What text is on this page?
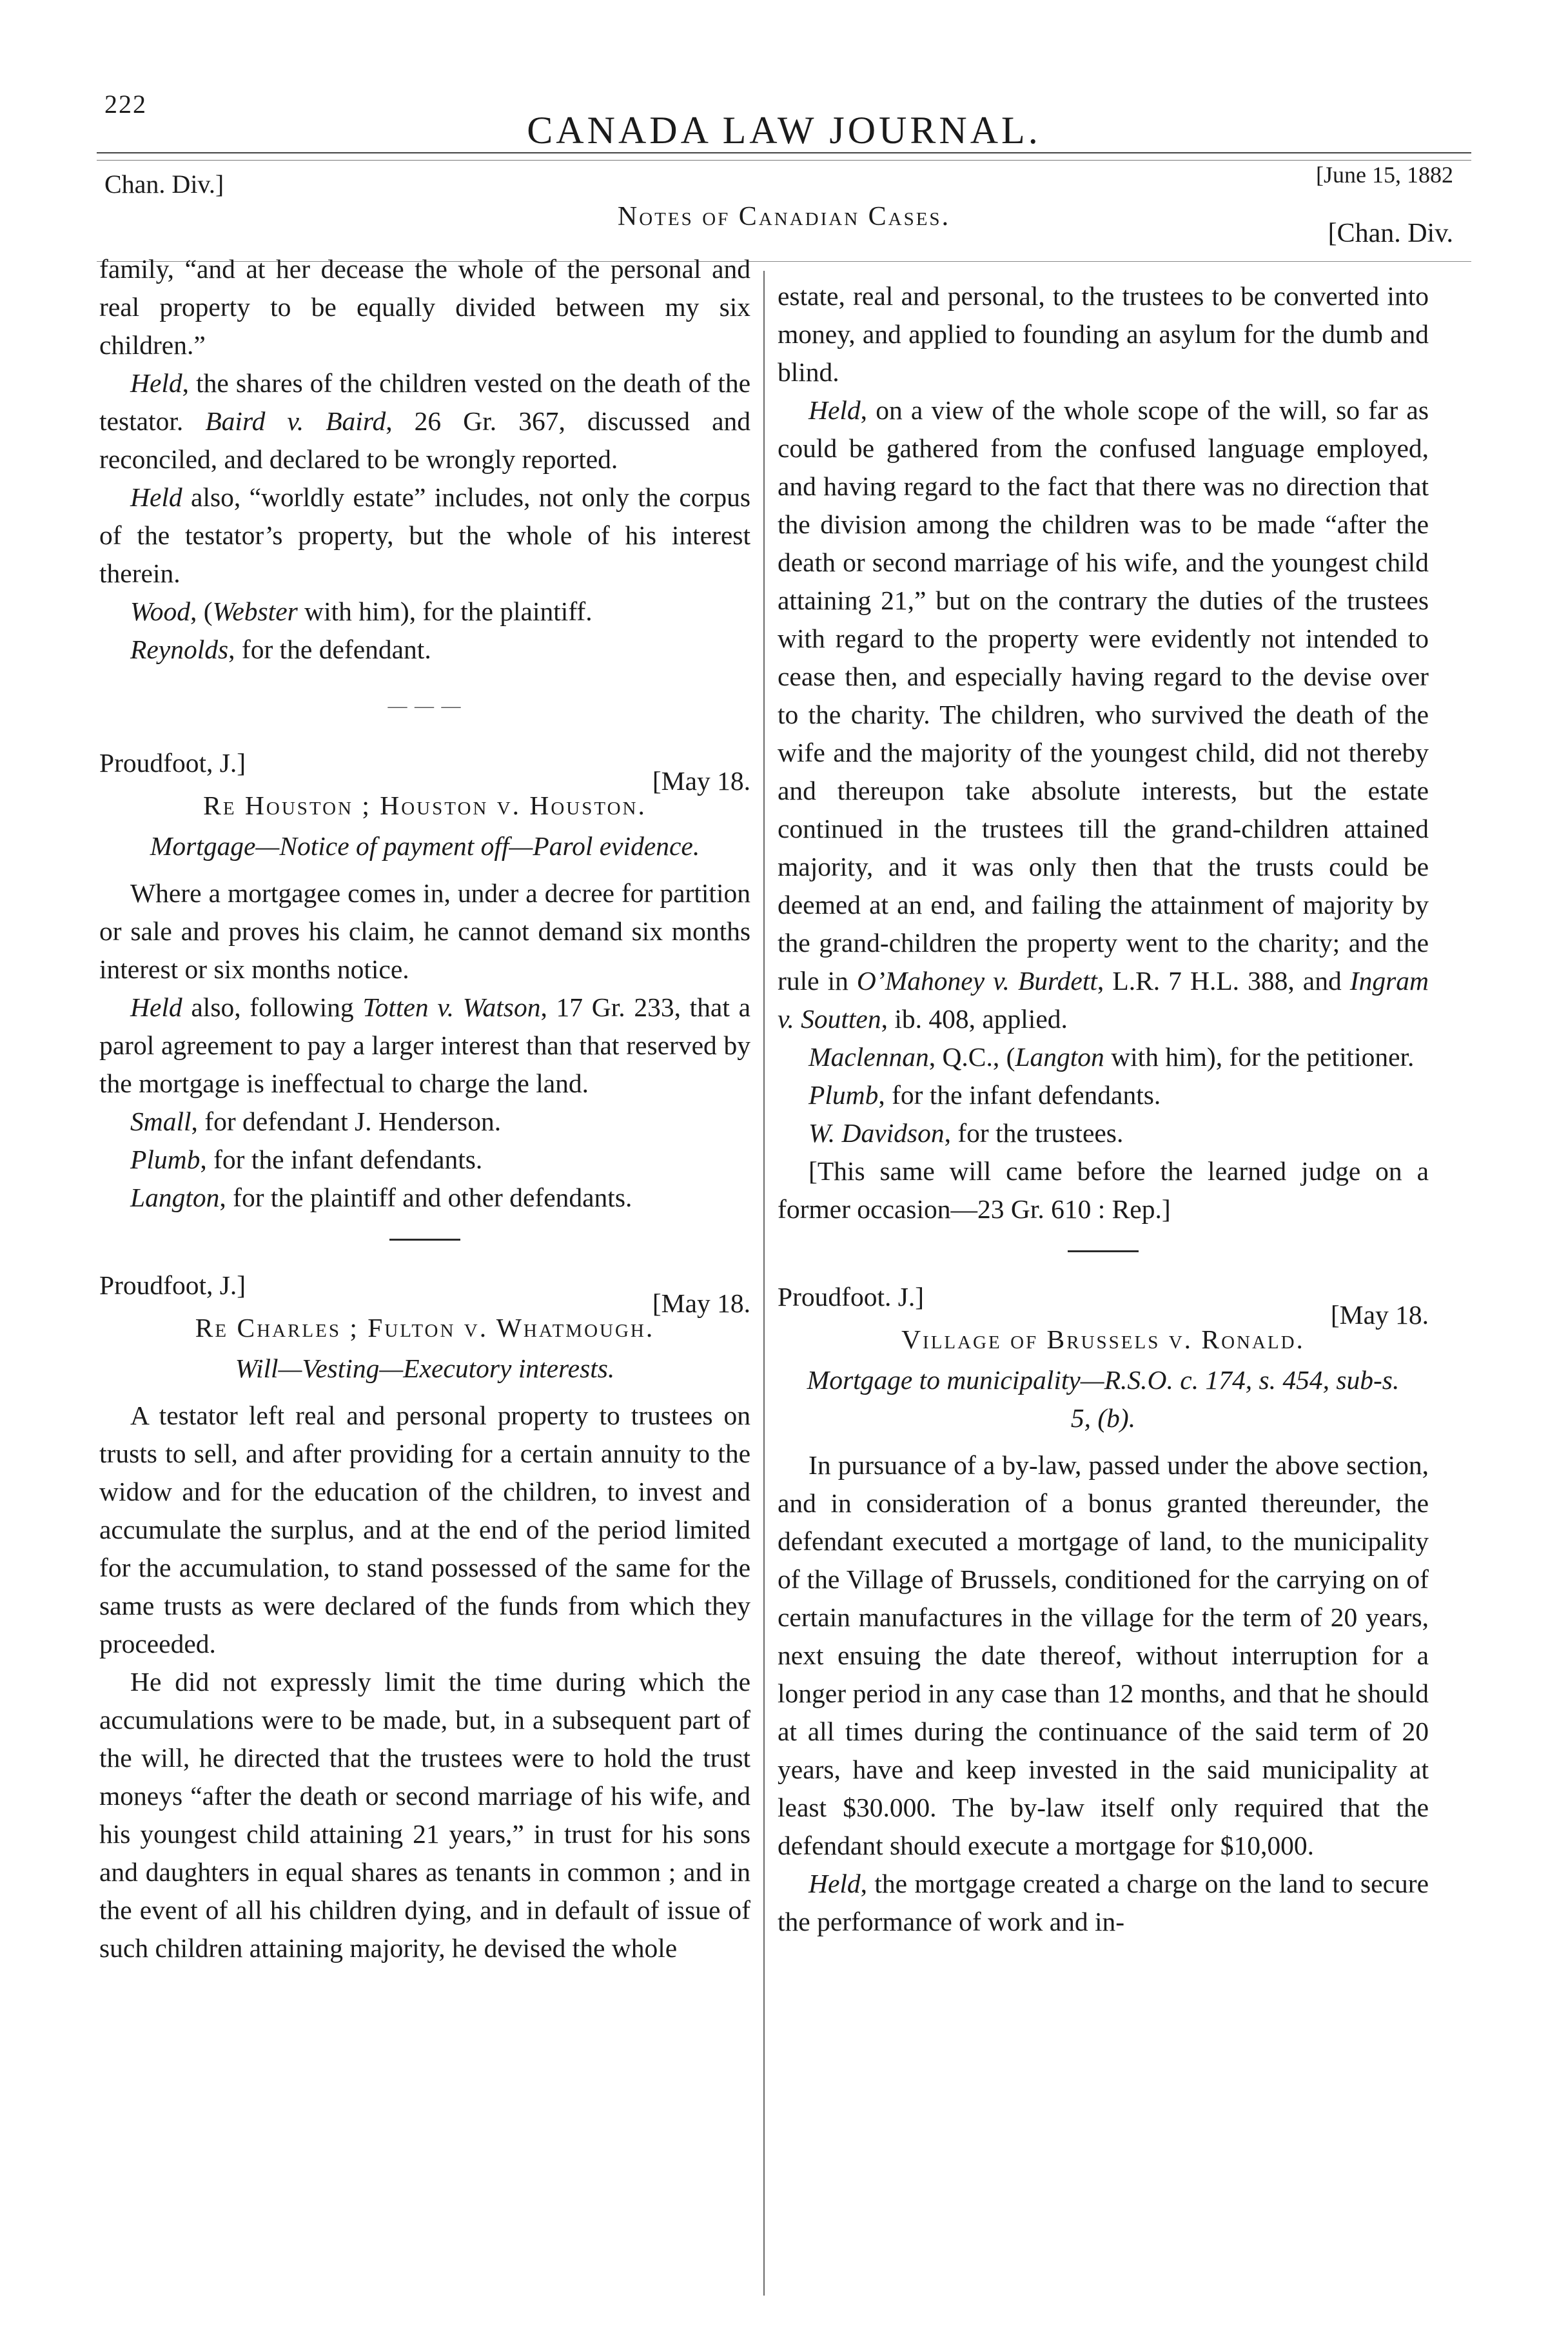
222
CANADA LAW JOURNAL.
Chan. Div.]	[June 15, 1882
Notes of Canadian Cases.
[Chan. Div.

family, “and at her decease the whole of the personal and real property to be equally divided between my six children.”

Held, the shares of the children vested on the death of the testator. Baird v. Baird, 26 Gr. 367, discussed and reconciled, and declared to be wrongly reported.

Held also, “worldly estate” includes, not only the corpus of the testator’s property, but the whole of his interest therein.

Wood, (Webster with him), for the plaintiff.

Reynolds, for the defendant.

— — —
Proudfoot, J.]
[May 18.
Re Houston ; Houston v. Houston.
Mortgage—Notice of payment off—Parol evidence.

Where a mortgagee comes in, under a decree for partition or sale and proves his claim, he cannot demand six months interest or six months notice.

Held also, following Totten v. Watson, 17 Gr. 233, that a parol agreement to pay a larger interest than that reserved by the mortgage is ineffectual to charge the land.

Small, for defendant J. Henderson.

Plumb, for the infant defendants.

Langton, for the plaintiff and other defendants.

Proudfoot, J.]
[May 18.
Re Charles ; Fulton v. Whatmough.
Will—Vesting—Executory interests.

A testator left real and personal property to trustees on trusts to sell, and after providing for a certain annuity to the widow and for the education of the children, to invest and accumulate the surplus, and at the end of the period limited for the accumulation, to stand possessed of the same for the same trusts as were declared of the funds from which they proceeded.

He did not expressly limit the time during which the accumulations were to be made, but, in a subsequent part of the will, he directed that the trustees were to hold the trust moneys “after the death or second marriage of his wife, and his youngest child attaining 21 years,” in trust for his sons and daughters in equal shares as tenants in common ; and in the event of all his children dying, and in default of issue of such children attaining majority, he devised the whole

estate, real and personal, to the trustees to be converted into money, and applied to founding an asylum for the dumb and blind.

Held, on a view of the whole scope of the will, so far as could be gathered from the confused language employed, and having regard to the fact that there was no direction that the division among the children was to be made “after the death or second marriage of his wife, and the youngest child attaining 21,” but on the contrary the duties of the trustees with regard to the property were evidently not intended to cease then, and especially having regard to the devise over to the charity. The children, who survived the death of the wife and the majority of the youngest child, did not thereby and thereupon take absolute interests, but the estate continued in the trustees till the grand-children attained majority, and it was only then that the trusts could be deemed at an end, and failing the attainment of majority by the grand-children the property went to the charity; and the rule in O’Mahoney v. Burdett, L.R. 7 H.L. 388, and Ingram v. Soutten, ib. 408, applied.

Maclennan, Q.C., (Langton with him), for the petitioner.

Plumb, for the infant defendants.

W. Davidson, for the trustees.

[This same will came before the learned judge on a former occasion—23 Gr. 610 : Rep.]

Proudfoot. J.]
[May 18.
Village of Brussels v. Ronald.
Mortgage to municipality—R.S.O. c. 174, s. 454, sub-s. 5, (b).

In pursuance of a by-law, passed under the above section, and in consideration of a bonus granted thereunder, the defendant executed a mortgage of land, to the municipality of the Village of Brussels, conditioned for the carrying on of certain manufactures in the village for the term of 20 years, next ensuing the date thereof, without interruption for a longer period in any case than 12 months, and that he should at all times during the continuance of the said term of 20 years, have and keep invested in the said municipality at least $30.000. The by-law itself only required that the defendant should execute a mortgage for $10,000.

Held, the mortgage created a charge on the land to secure the performance of work and in-
